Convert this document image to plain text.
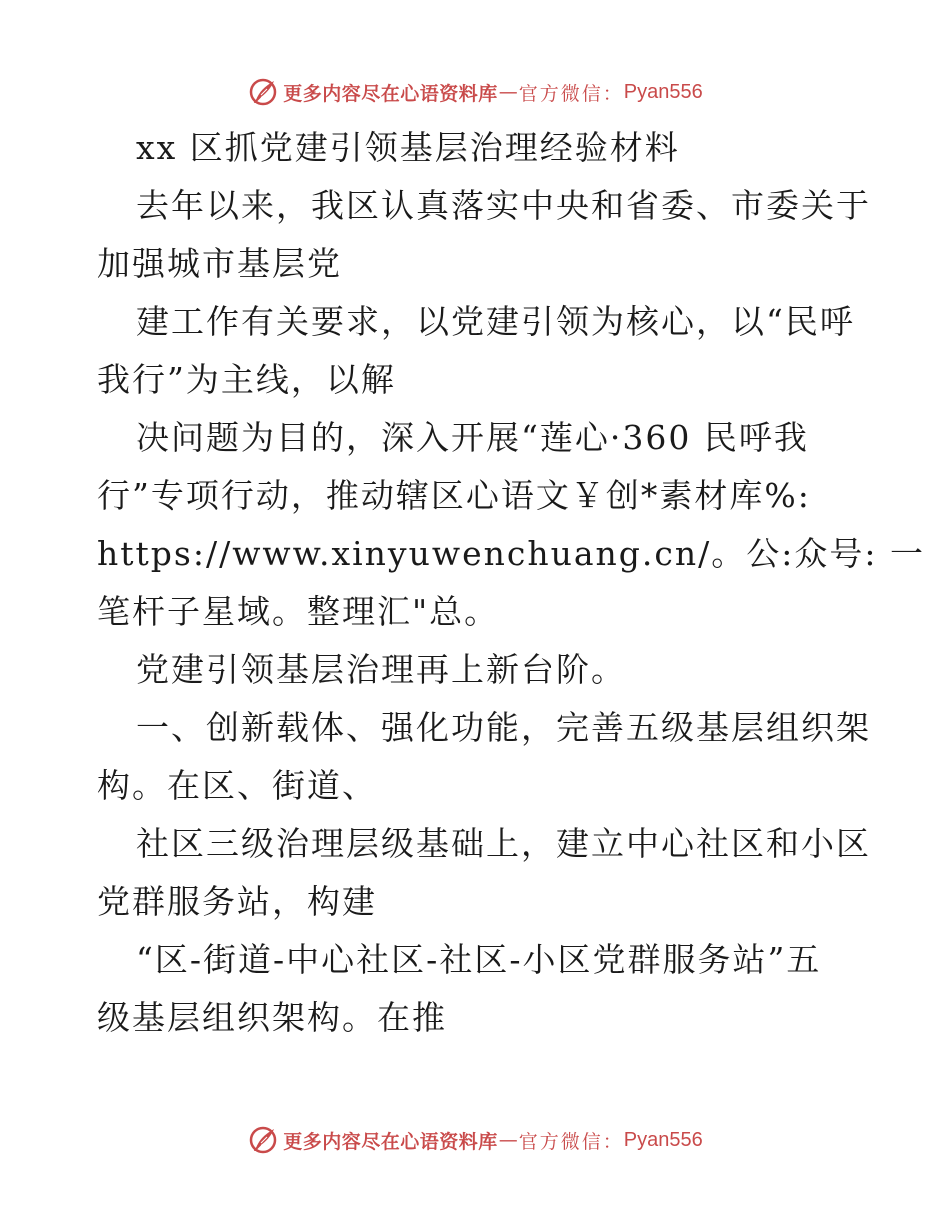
更多内容尽在心语资料库 — 官方微信： Pyan556
xx 区抓党建引领基层治理经验材料
去年以来，我区认真落实中央和省委、市委关于
加强城市基层党
建工作有关要求，以党建引领为核心，以“民呼
我行”为主线，以解
决问题为目的，深入开展“莲心·360 民呼我
行”专项行动，推动辖区心语文￥创*素材库%:
https://www.xinyuwenchuang.cn/。公:众号: 一
笔杆子星域。整理汇"总。
党建引领基层治理再上新台阶。
一、创新载体、强化功能，完善五级基层组织架
构。在区、街道、
社区三级治理层级基础上，建立中心社区和小区
党群服务站，构建
“区-街道-中心社区-社区-小区党群服务站”五
级基层组织架构。在推
更多内容尽在心语资料库 — 官方微信： Pyan556
